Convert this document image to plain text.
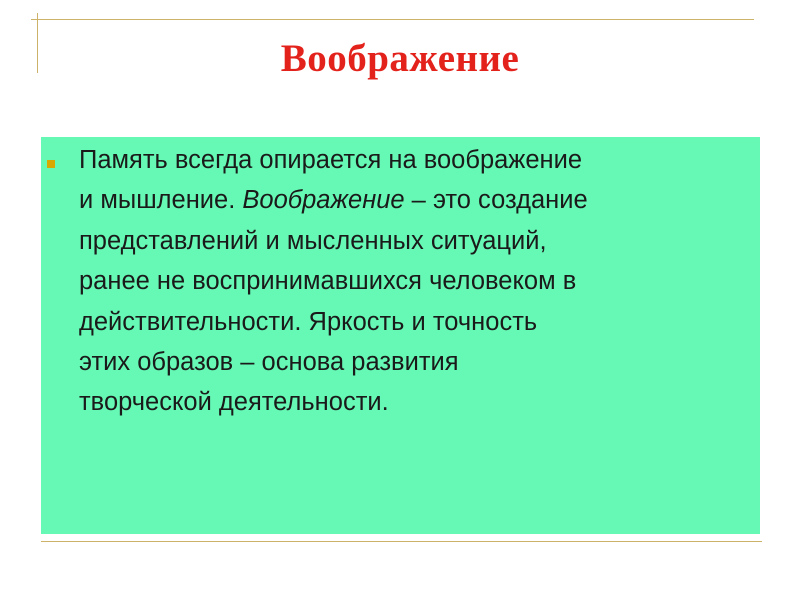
Воображение
Память всегда опирается на воображение
и мышление. Воображение – это создание
представлений и мысленных ситуаций,
ранее не воспринимавшихся человеком в
действительности. Яркость и точность
этих образов – основа развития
творческой деятельности.
